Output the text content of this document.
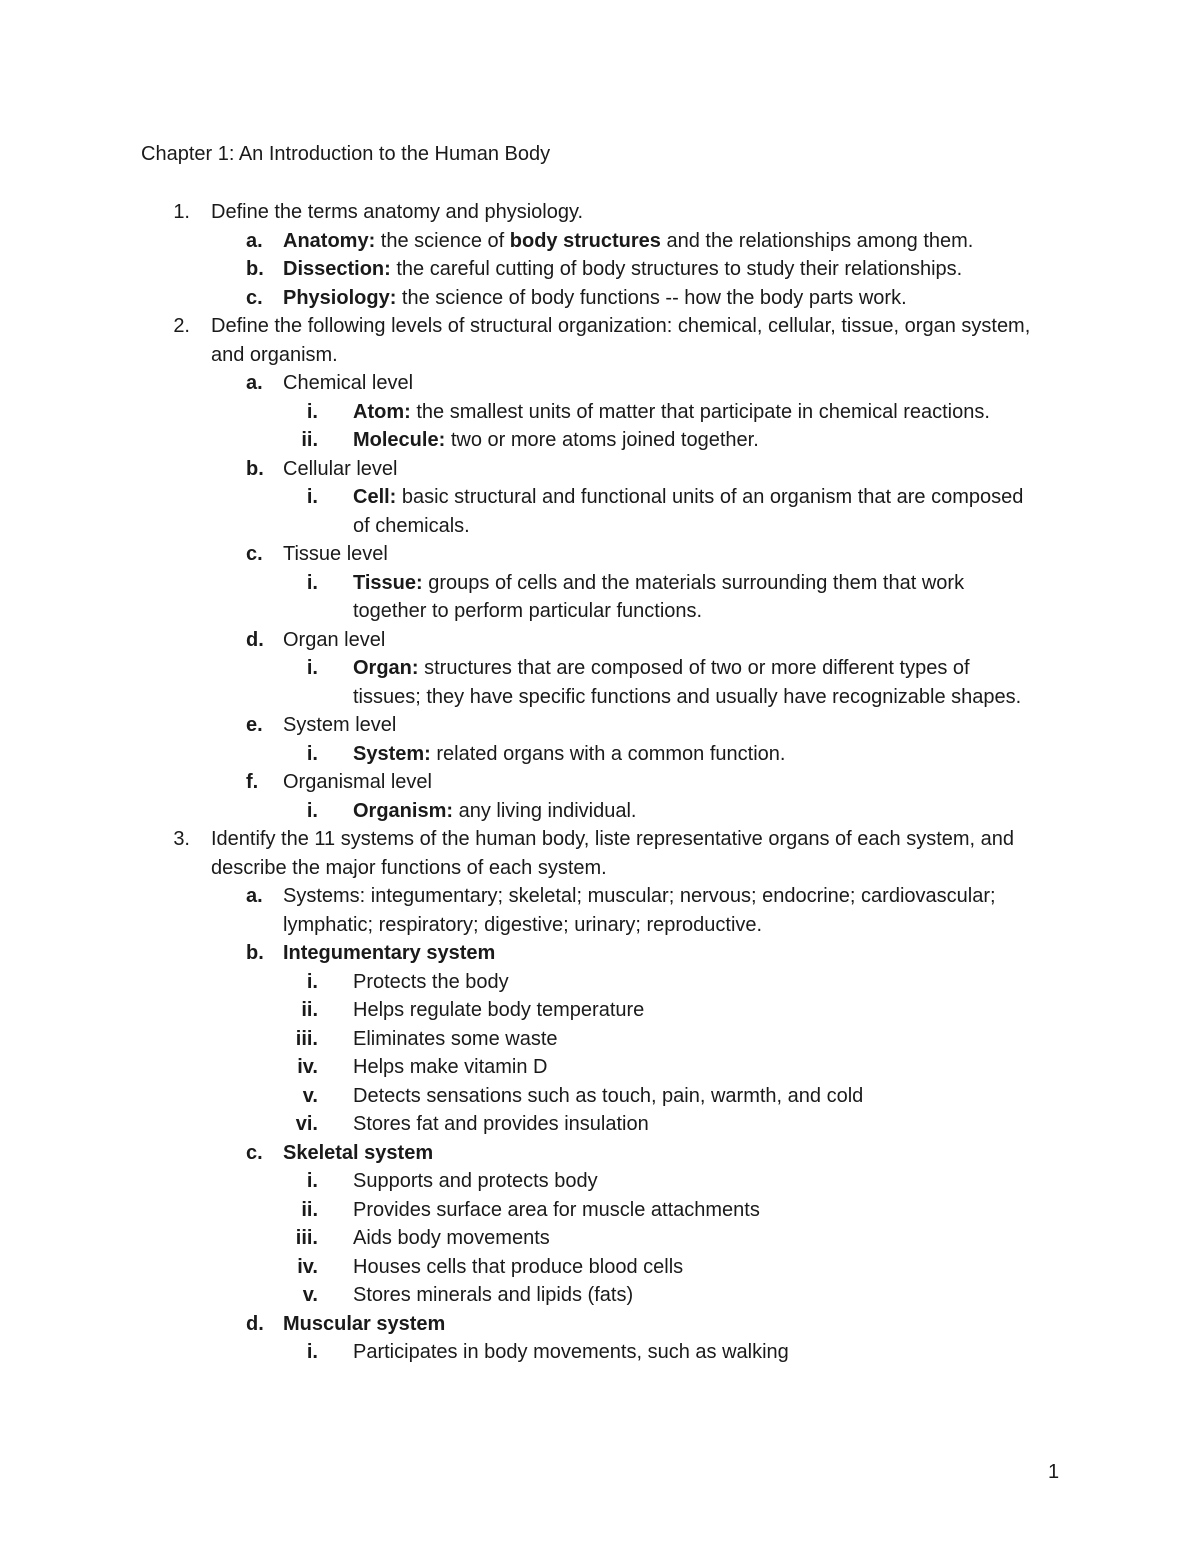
Chapter 1: An Introduction to the Human Body
1. Define the terms anatomy and physiology.
a. Anatomy: the science of body structures and the relationships among them.
b. Dissection: the careful cutting of body structures to study their relationships.
c. Physiology: the science of body functions -- how the body parts work.
2. Define the following levels of structural organization: chemical, cellular, tissue, organ system, and organism.
a. Chemical level
i. Atom: the smallest units of matter that participate in chemical reactions.
ii. Molecule: two or more atoms joined together.
b. Cellular level
i. Cell: basic structural and functional units of an organism that are composed of chemicals.
c. Tissue level
i. Tissue: groups of cells and the materials surrounding them that work together to perform particular functions.
d. Organ level
i. Organ: structures that are composed of two or more different types of tissues; they have specific functions and usually have recognizable shapes.
e. System level
i. System: related organs with a common function.
f. Organismal level
i. Organism: any living individual.
3. Identify the 11 systems of the human body, liste representative organs of each system, and describe the major functions of each system.
a. Systems: integumentary; skeletal; muscular; nervous; endocrine; cardiovascular; lymphatic; respiratory; digestive; urinary; reproductive.
b. Integumentary system
i. Protects the body
ii. Helps regulate body temperature
iii. Eliminates some waste
iv. Helps make vitamin D
v. Detects sensations such as touch, pain, warmth, and cold
vi. Stores fat and provides insulation
c. Skeletal system
i. Supports and protects body
ii. Provides surface area for muscle attachments
iii. Aids body movements
iv. Houses cells that produce blood cells
v. Stores minerals and lipids (fats)
d. Muscular system
i. Participates in body movements, such as walking
1
